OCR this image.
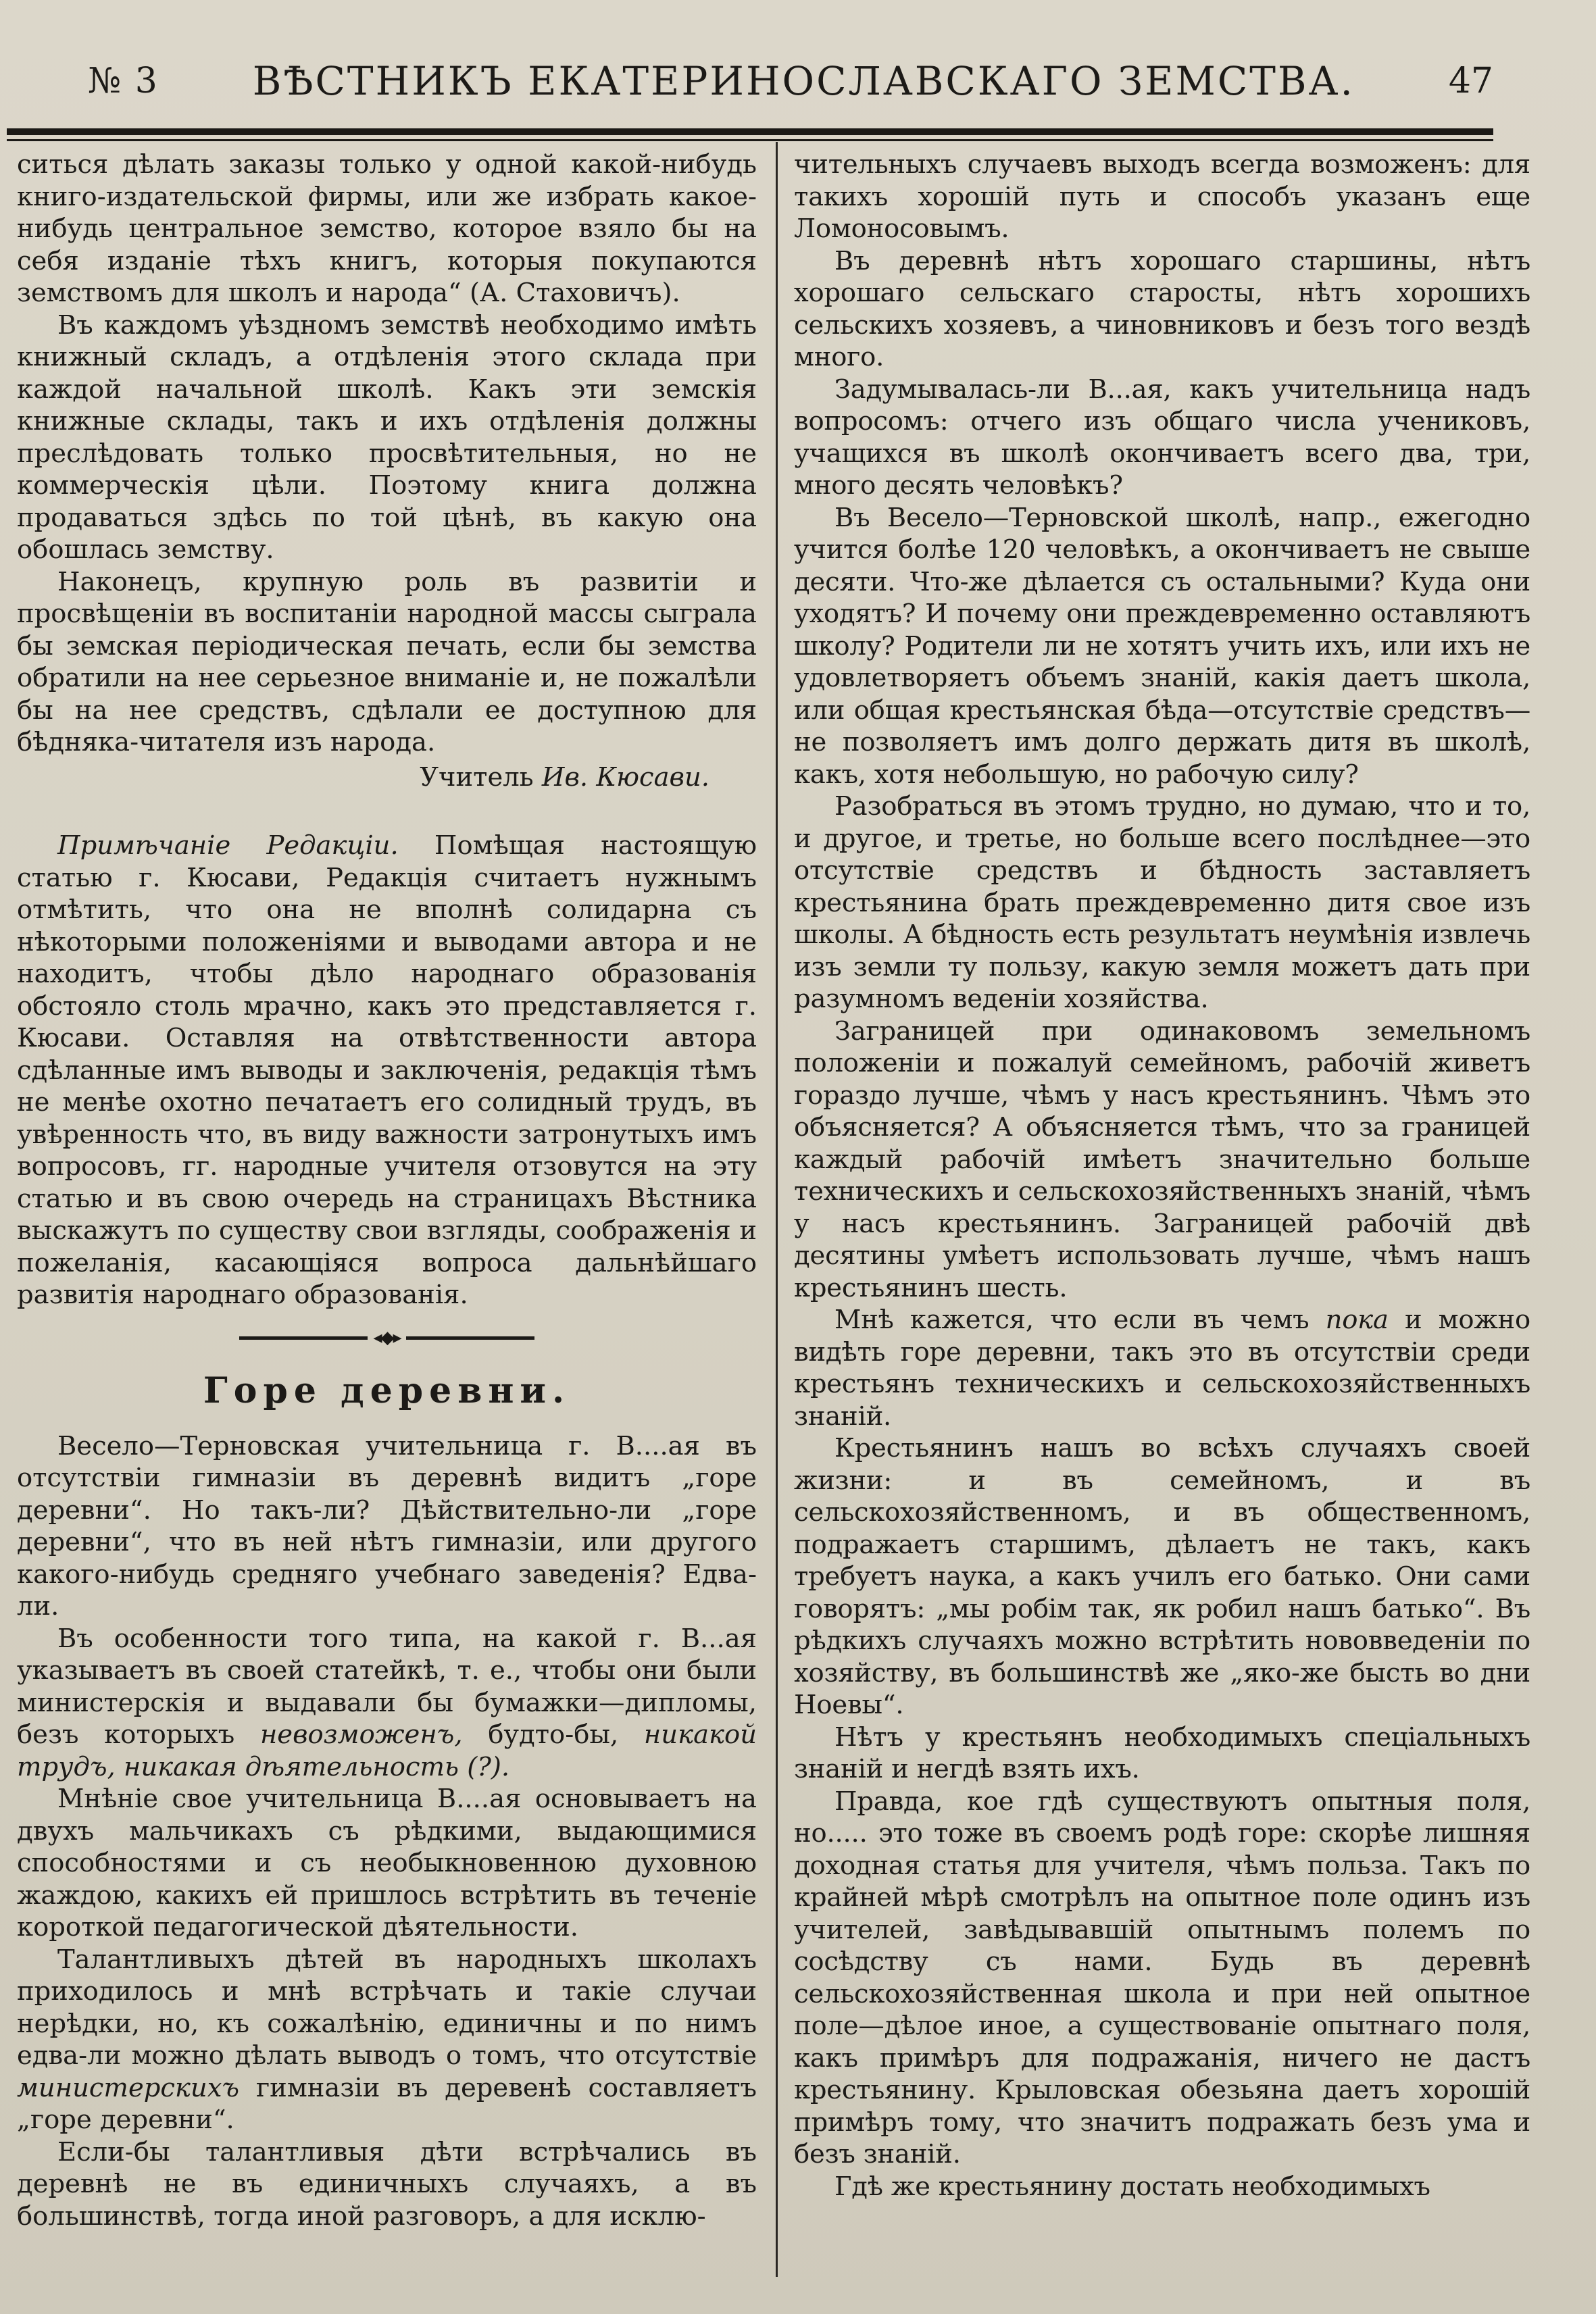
№ 3 ВѢСТНИКЪ ЕКАТЕРИНОСЛАВСКАГО ЗЕМСТВА.	47

ситься дѣлать заказы только у одной какой-нибудь книго-издательской фирмы, или же избрать какое-нибудь центральное земство, которое взяло бы на себя изданіе тѣхъ книгъ, которыя покупаются земствомъ для школъ и народа“ (А. Стаховичъ).

Въ каждомъ уѣздномъ земствѣ необходимо имѣть книжный складъ, а отдѣленія этого склада при каждой начальной школѣ. Какъ эти земскія книжные склады, такъ и ихъ отдѣленія должны преслѣдовать только просвѣтительныя, но не коммерческія цѣли. Поэтому книга должна продаваться здѣсь по той цѣнѣ, въ какую она обошлась земству.

Наконецъ, крупную роль въ развитіи и просвѣщеніи въ воспитаніи народной массы сыграла бы земская періодическая печать, если бы земства обратили на нее серьезное вниманіе и, не пожалѣли бы на нее средствъ, сдѣлали ее доступною для бѣдняка-читателя изъ народа.

Учитель Ив. Кюсави.

Примѣчаніе Редакціи. Помѣщая настоящую статью г. Кюсави, Редакція считаетъ нужнымъ отмѣтить, что она не вполнѣ солидарна съ нѣкоторыми положеніями и выводами автора и не находитъ, чтобы дѣло народнаго образованія обстояло столь мрачно, какъ это представляется г. Кюсави. Оставляя на отвѣтственности автора сдѣланные имъ выводы и заключенія, редакція тѣмъ не менѣе охотно печатаетъ его солидный трудъ, въ увѣренность что, въ виду важности затронутыхъ имъ вопросовъ, гг. народные учителя отзовутся на эту статью и въ свою очередь на страницахъ Вѣстника выскажутъ по существу свои взгляды, соображенія и пожеланія, касающіяся вопроса дальнѣйшаго развитія народнаго образованія.

◂◆▸
Горе деревни.

Весело—Терновская учительница г. В....ая въ отсутствіи гимназіи въ деревнѣ видитъ „горе деревни“. Но такъ-ли? Дѣйствительно-ли „горе деревни“, что въ ней нѣтъ гимназіи, или другого какого-нибудь средняго учебнаго заведенія? Едва-ли.

Въ особенности того типа, на какой г. В...ая указываетъ въ своей статейкѣ, т. е., чтобы они были министерскія и выдавали бы бумажки—дипломы, безъ которыхъ невозможенъ, будто-бы, никакой трудъ, никакая дѣятельность (?).

Мнѣніе свое учительница В....ая основываетъ на двухъ мальчикахъ съ рѣдкими, выдающимися способностями и съ необыкновенною духовною жаждою, какихъ ей пришлось встрѣтить въ теченіе короткой педагогической дѣятельности.

Талантливыхъ дѣтей въ народныхъ школахъ приходилось и мнѣ встрѣчать и такіе случаи нерѣдки, но, къ сожалѣнію, единичны и по нимъ едва-ли можно дѣлать выводъ о томъ, что отсутствіе министерскихъ гимназіи въ деревенѣ составляетъ „горе деревни“.

Если-бы талантливыя дѣти встрѣчались въ деревнѣ не въ единичныхъ случаяхъ, а въ большинствѣ, тогда иной разговоръ, а для исклю-

чительныхъ случаевъ выходъ всегда возможенъ: для такихъ хорошій путь и способъ указанъ еще Ломоносовымъ.

Въ деревнѣ нѣтъ хорошаго старшины, нѣтъ хорошаго сельскаго старосты, нѣтъ хорошихъ сельскихъ хозяевъ, а чиновниковъ и безъ того вездѣ много.

Задумывалась-ли В...ая, какъ учительница надъ вопросомъ: отчего изъ общаго числа учениковъ, учащихся въ школѣ окончиваетъ всего два, три, много десять человѣкъ?

Въ Весело—Терновской школѣ, напр., ежегодно учится болѣе 120 человѣкъ, а окончиваетъ не свыше десяти. Что-же дѣлается съ остальными? Куда они уходятъ? И почему они преждевременно оставляютъ школу? Родители ли не хотятъ учить ихъ, или ихъ не удовлетворяетъ объемъ знаній, какія даетъ школа, или общая крестьянская бѣда—отсутствіе средствъ—не позволяетъ имъ долго держать дитя въ школѣ, какъ, хотя небольшую, но рабочую силу?

Разобраться въ этомъ трудно, но думаю, что и то, и другое, и третье, но больше всего послѣднее—это отсутствіе средствъ и бѣдность заставляетъ крестьянина брать преждевременно дитя свое изъ школы. А бѣдность есть результатъ неумѣнія извлечь изъ земли ту пользу, какую земля можетъ дать при разумномъ веденіи хозяйства.

Заграницей при одинаковомъ земельномъ положеніи и пожалуй семейномъ, рабочій живетъ гораздо лучше, чѣмъ у насъ крестьянинъ. Чѣмъ это объясняется? А объясняется тѣмъ, что за границей каждый рабочій имѣетъ значительно больше техническихъ и сельскохозяйственныхъ знаній, чѣмъ у насъ крестьянинъ. Заграницей рабочій двѣ десятины умѣетъ использовать лучше, чѣмъ нашъ крестьянинъ шесть.

Мнѣ кажется, что если въ чемъ пока и можно видѣть горе деревни, такъ это въ отсутствіи среди крестьянъ техническихъ и сельскохозяйственныхъ знаній.

Крестьянинъ нашъ во всѣхъ случаяхъ своей жизни: и въ семейномъ, и въ сельскохозяйственномъ, и въ общественномъ, подражаетъ старшимъ, дѣлаетъ не такъ, какъ требуетъ наука, а какъ училъ его батько. Они сами говорятъ: „мы робім так, як робил нашъ батько“. Въ рѣдкихъ случаяхъ можно встрѣтить нововведеніи по хозяйству, въ большинствѣ же „яко-же бысть во дни Ноевы“.

Нѣтъ у крестьянъ необходимыхъ спеціальныхъ знаній и негдѣ взять ихъ.

Правда, кое гдѣ существуютъ опытныя поля, но..... это тоже въ своемъ родѣ горе: скорѣе лишняя доходная статья для учителя, чѣмъ польза. Такъ по крайней мѣрѣ смотрѣлъ на опытное поле одинъ изъ учителей, завѣдывавшій опытнымъ полемъ по сосѣдству съ нами. Будь въ деревнѣ сельскохозяйственная школа и при ней опытное поле—дѣлое иное, а существованіе опытнаго поля, какъ примѣръ для подражанія, ничего не дастъ крестьянину. Крыловская обезьяна даетъ хорошій примѣръ тому, что значитъ подражать безъ ума и безъ знаній.

Гдѣ же крестьянину достать необходимыхъ
